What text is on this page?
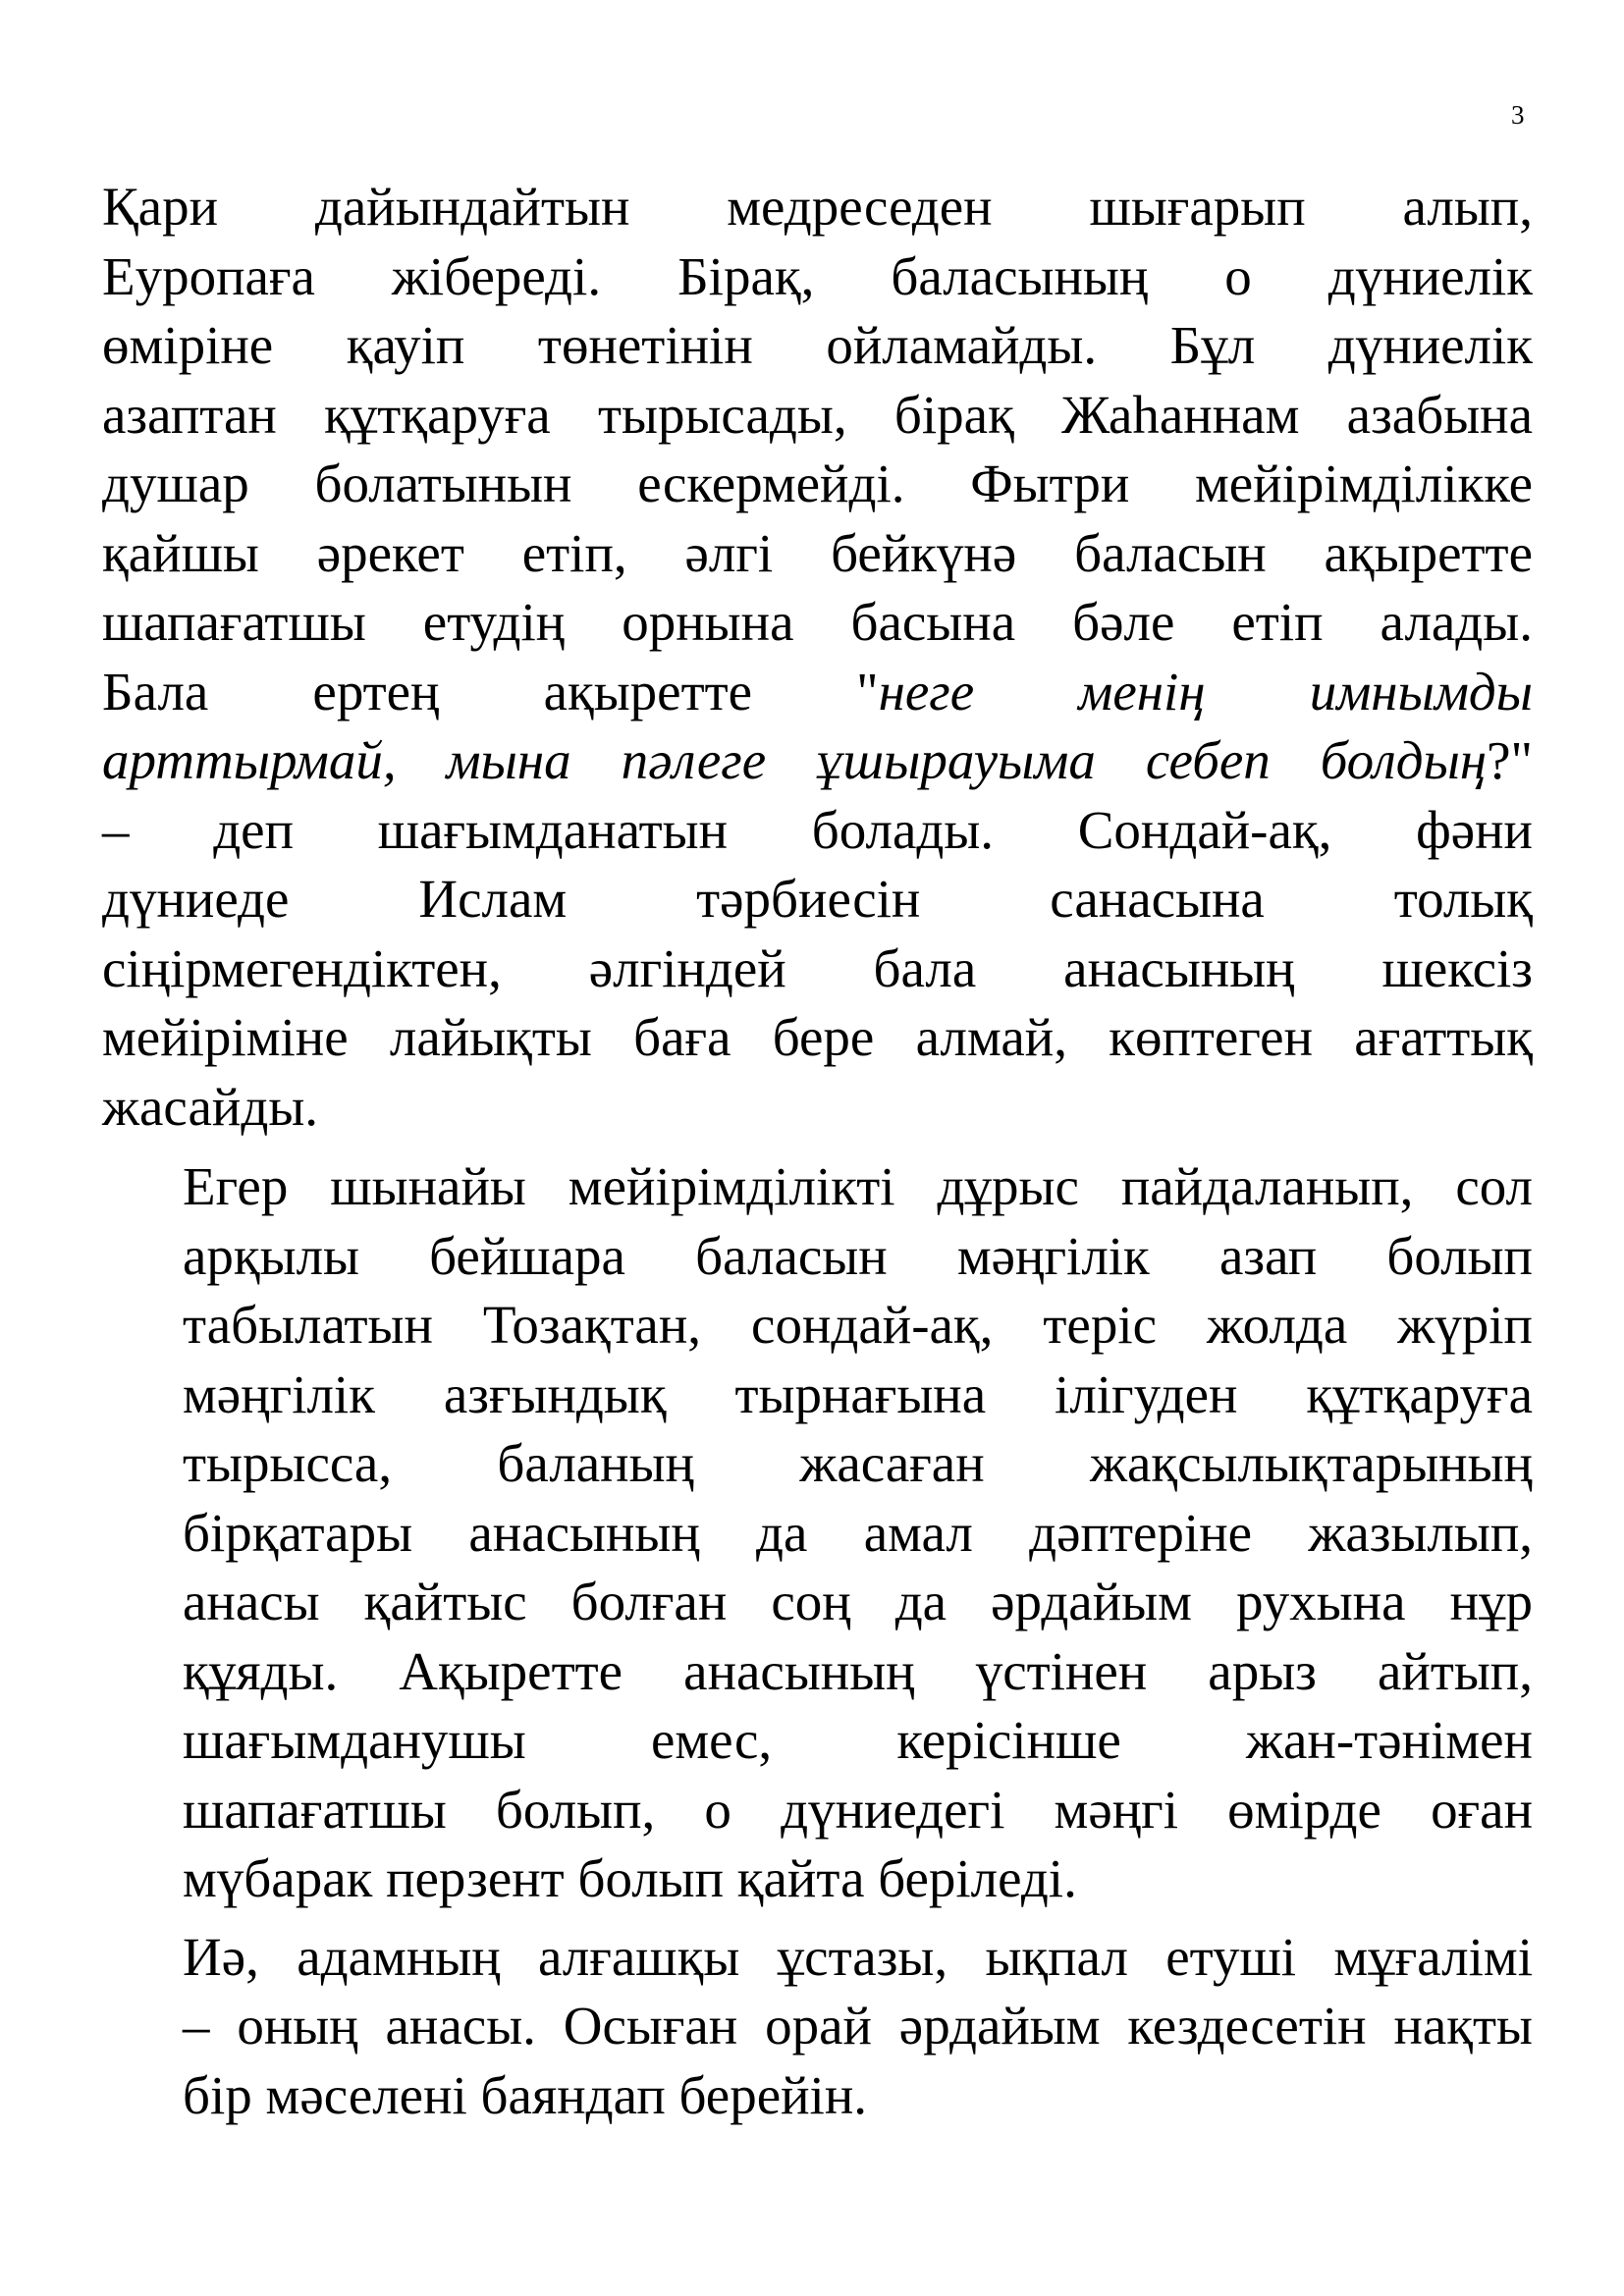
3

Қари дайындайтын медреседен шығарып алып,
Еуропаға жібереді. Бірақ, баласының о дүниелік
өміріне қауіп төнетінін ойламайды. Бұл дүниелік
азаптан құтқаруға тырысады, бірақ Жаһаннам азабына
душар болатынын ескермейді. Фытри мейірімділікке
қайшы әрекет етіп, әлгі бейкүнә баласын ақыретте
шапағатшы етудің орнына басына бәле етіп алады.
Бала ертең ақыретте "неге менің имнымды
арттырмай, мына пәлеге ұшырауыма себеп болдың?"
– деп шағымданатын болады. Сондай-ақ, фәни
дүниеде Ислам тәрбиесін санасына толық
сіңірмегендіктен, әлгіндей бала анасының шексіз
мейіріміне лайықты баға бере алмай, көптеген ағаттық
жасайды.

Егер шынайы мейірімділікті дұрыс пайдаланып, сол
арқылы бейшара баласын мәңгілік азап болып
табылатын Тозақтан, сондай-ақ, теріс жолда жүріп
мәңгілік азғындық тырнағына ілігуден құтқаруға
тырысса, баланың жасаған жақсылықтарының
бірқатары анасының да амал дәптеріне жазылып,
анасы қайтыс болған соң да әрдайым рухына нұр
құяды. Ақыретте анасының үстінен арыз айтып,
шағымданушы емес, керісінше жан-тәнімен
шапағатшы болып, о дүниедегі мәңгі өмірде оған
мүбарак перзент болып қайта беріледі.

Иә, адамның алғашқы ұстазы, ықпал етуші мұғалімі
– оның анасы. Осыған орай әрдайым кездесетін нақты
бір мәселені баяндап берейін.
